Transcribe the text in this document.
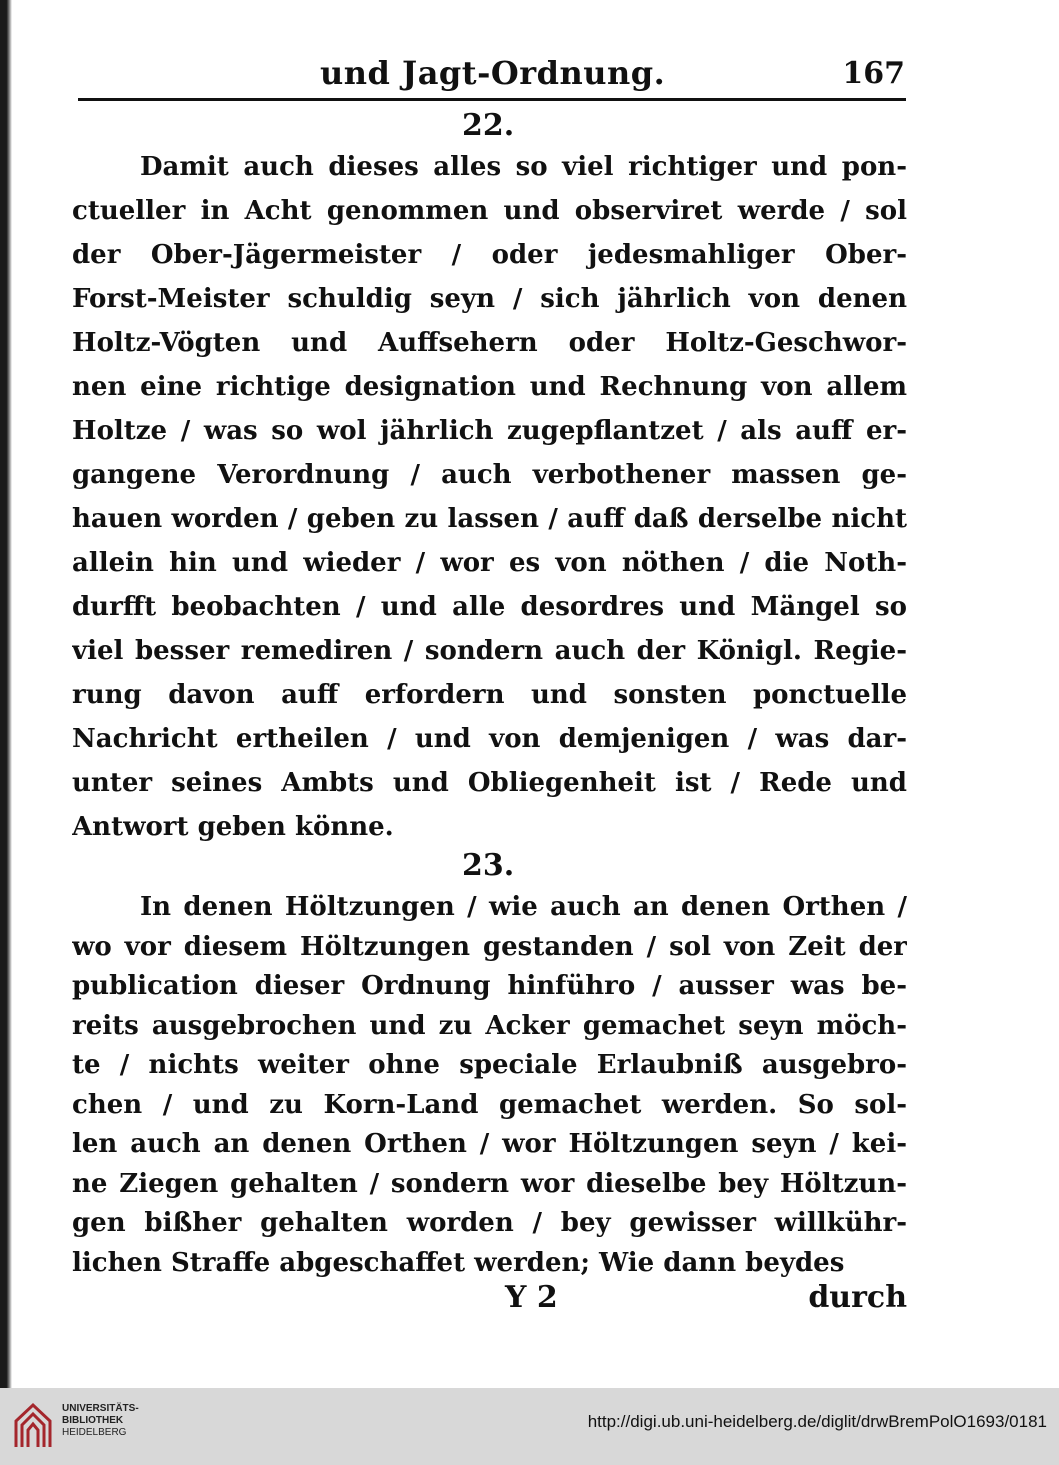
und Jagt-Ordnung.	167
22.
Damit auch dieses alles so viel richtiger und pon-
ctueller in Acht genommen und observiret werde / sol
der Ober-Jägermeister / oder jedesmahliger Ober-
Forst-Meister schuldig seyn / sich jährlich von denen
Holtz-Vögten und Auffsehern oder Holtz-Geschwor-
nen eine richtige designation und Rechnung von allem
Holtze / was so wol jährlich zugepflantzet / als auff er-
gangene Verordnung / auch verbothener massen ge-
hauen worden / geben zu lassen / auff daß derselbe nicht
allein hin und wieder / wor es von nöthen / die Noth-
durfft beobachten / und alle desordres und Mängel so
viel besser remediren / sondern auch der Königl. Regie-
rung davon auff erfordern und sonsten ponctuelle
Nachricht ertheilen / und von demjenigen / was dar-
unter seines Ambts und Obliegenheit ist / Rede und
Antwort geben könne.
23.
In denen Höltzungen / wie auch an denen Orthen /
wo vor diesem Höltzungen gestanden / sol von Zeit der
publication dieser Ordnung hinführo / ausser was be-
reits ausgebrochen und zu Acker gemachet seyn möch-
te / nichts weiter ohne speciale Erlaubniß ausgebro-
chen / und zu Korn-Land gemachet werden. So sol-
len auch an denen Orthen / wor Höltzungen seyn / kei-
ne Ziegen gehalten / sondern wor dieselbe bey Höltzun-
gen bißher gehalten worden / bey gewisser willkühr-
Y 2	durch
lichen Straffe abgeschaffet werden; Wie dann beydes
UNIVERSITÄTS-
BIBLIOTHEK
HEIDELBERG
http://digi.ub.uni-heidelberg.de/diglit/drwBremPolO1693/0181
